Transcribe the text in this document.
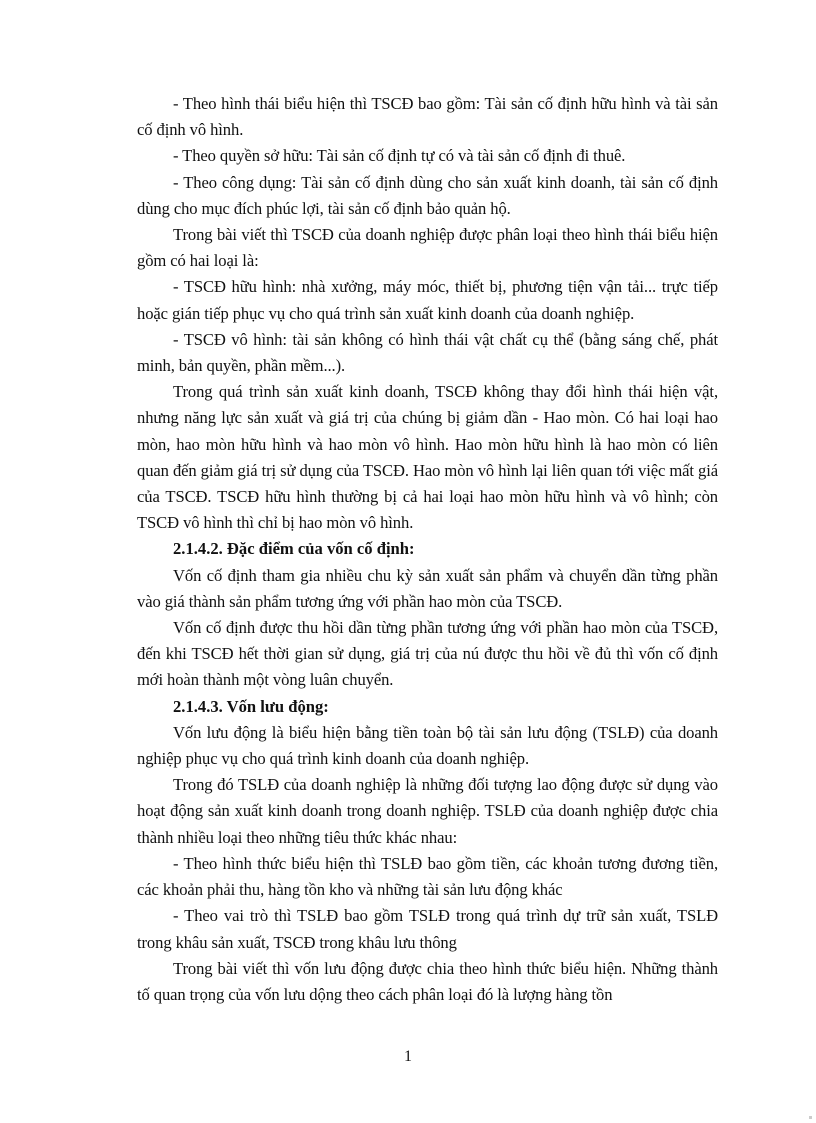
- Theo hình thái biểu hiện thì TSCĐ bao gồm: Tài sản cố định hữu hình và tài sản cố định vô hình.

- Theo quyền sở hữu: Tài sản cố định tự có và tài sản cố định đi thuê.

- Theo công dụng: Tài sản cố định dùng cho sản xuất kinh doanh, tài sản cố định dùng cho mục đích phúc lợi, tài sản cố định bảo quản hộ.

Trong bài viết thì TSCĐ của doanh nghiệp được phân loại theo hình thái biểu hiện gồm có hai loại là:

- TSCĐ hữu hình: nhà xưởng, máy móc, thiết bị, phương tiện vận tải... trực tiếp hoặc gián tiếp phục vụ cho quá trình sản xuất kinh doanh của doanh nghiệp.

- TSCĐ vô hình: tài sản không có hình thái vật chất cụ thể (bằng sáng chế, phát minh, bản quyền, phần mềm...).

Trong quá trình sản xuất kinh doanh, TSCĐ không thay đổi hình thái hiện vật, nhưng năng lực sản xuất và giá trị của chúng bị giảm dần - Hao mòn. Có hai loại hao mòn, hao mòn hữu hình và hao mòn vô hình. Hao mòn hữu hình là hao mòn có liên quan đến giảm giá trị sử dụng của TSCĐ. Hao mòn vô hình lại liên quan tới việc mất giá của TSCĐ. TSCĐ hữu hình thường bị cả hai loại hao mòn hữu hình và vô hình; còn TSCĐ vô hình thì chỉ bị hao mòn vô hình.

2.1.4.2. Đặc điểm của vốn cố định:

Vốn cố định tham gia nhiều chu kỳ sản xuất sản phẩm và chuyển dần từng phần vào giá thành sản phẩm tương ứng với phần hao mòn của TSCĐ.

Vốn cố định được thu hồi dần từng phần tương ứng với phần hao mòn của TSCĐ, đến khi TSCĐ hết thời gian sử dụng, giá trị của nú được thu hồi về đủ thì vốn cố định mới hoàn thành một vòng luân chuyển.

2.1.4.3. Vốn lưu động:

Vốn lưu động là biểu hiện bằng tiền toàn bộ tài sản lưu động (TSLĐ) của doanh nghiệp phục vụ cho quá trình kinh doanh của doanh nghiệp.

Trong đó TSLĐ của doanh nghiệp là những đối tượng lao động được sử dụng vào hoạt động sản xuất kinh doanh trong doanh nghiệp. TSLĐ của doanh nghiệp được chia thành nhiều loại theo những tiêu thức khác nhau:

- Theo hình thức biểu hiện thì TSLĐ bao gồm tiền, các khoản tương đương tiền, các khoản phải thu, hàng tồn kho và những tài sản lưu động khác

- Theo vai trò thì TSLĐ bao gồm TSLĐ trong quá trình dự trữ sản xuất, TSLĐ trong khâu sản xuất, TSCĐ trong khâu lưu thông

Trong bài viết thì vốn lưu động được chia theo hình thức biểu hiện. Những thành tố quan trọng của vốn lưu dộng theo cách phân loại đó là lượng hàng tồn

1
